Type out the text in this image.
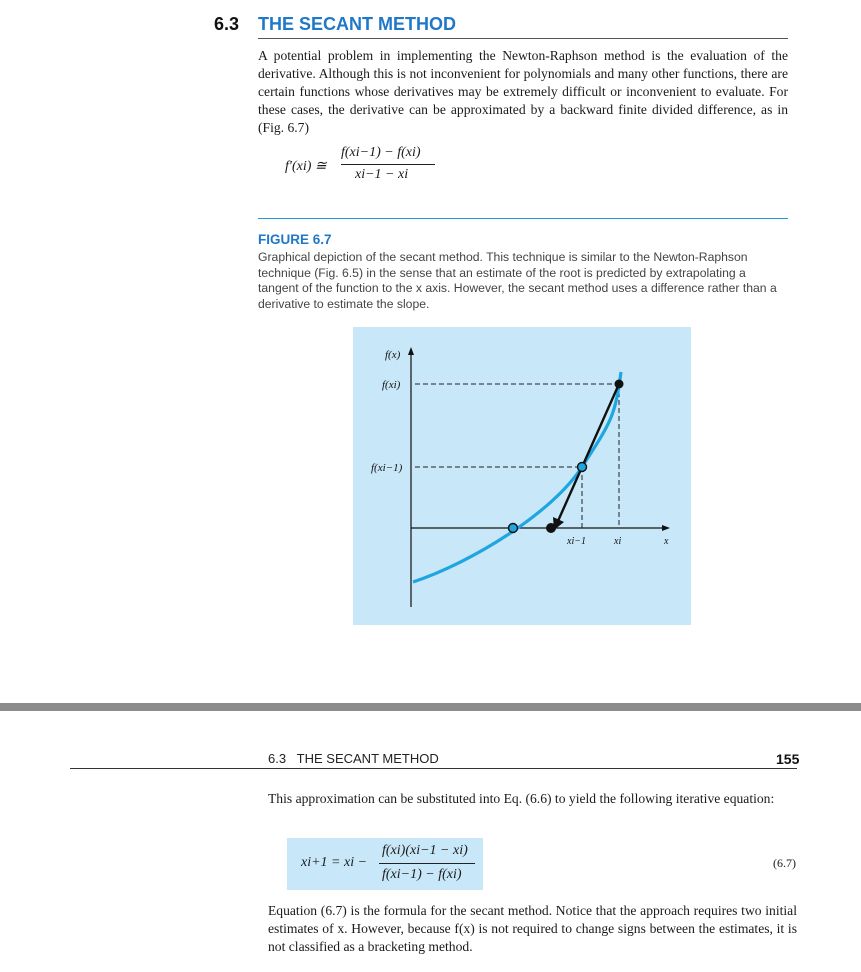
6.3 THE SECANT METHOD
A potential problem in implementing the Newton-Raphson method is the evaluation of the derivative. Although this is not inconvenient for polynomials and many other functions, there are certain functions whose derivatives may be extremely difficult or inconvenient to evaluate. For these cases, the derivative can be approximated by a backward finite divided difference, as in (Fig. 6.7)
f′(xi) ≅
f(xi−1) − f(xi)
xi−1 − xi
FIGURE 6.7
Graphical depiction of the secant method. This technique is similar to the Newton-Raphson technique (Fig. 6.5) in the sense that an estimate of the root is predicted by extrapolating a tangent of the function to the x axis. However, the secant method uses a difference rather than a derivative to estimate the slope.
f(x)
f(xi)
f(xi−1)
xi−1	xi	x
6.3   THE SECANT METHOD	155
This approximation can be substituted into Eq. (6.6) to yield the following iterative equation:
xi+1 = xi −
f(xi)(xi−1 − xi)
f(xi−1) − f(xi)
(6.7)
Equation (6.7) is the formula for the secant method. Notice that the approach requires two initial estimates of x. However, because f(x) is not required to change signs between the estimates, it is not classified as a bracketing method.
